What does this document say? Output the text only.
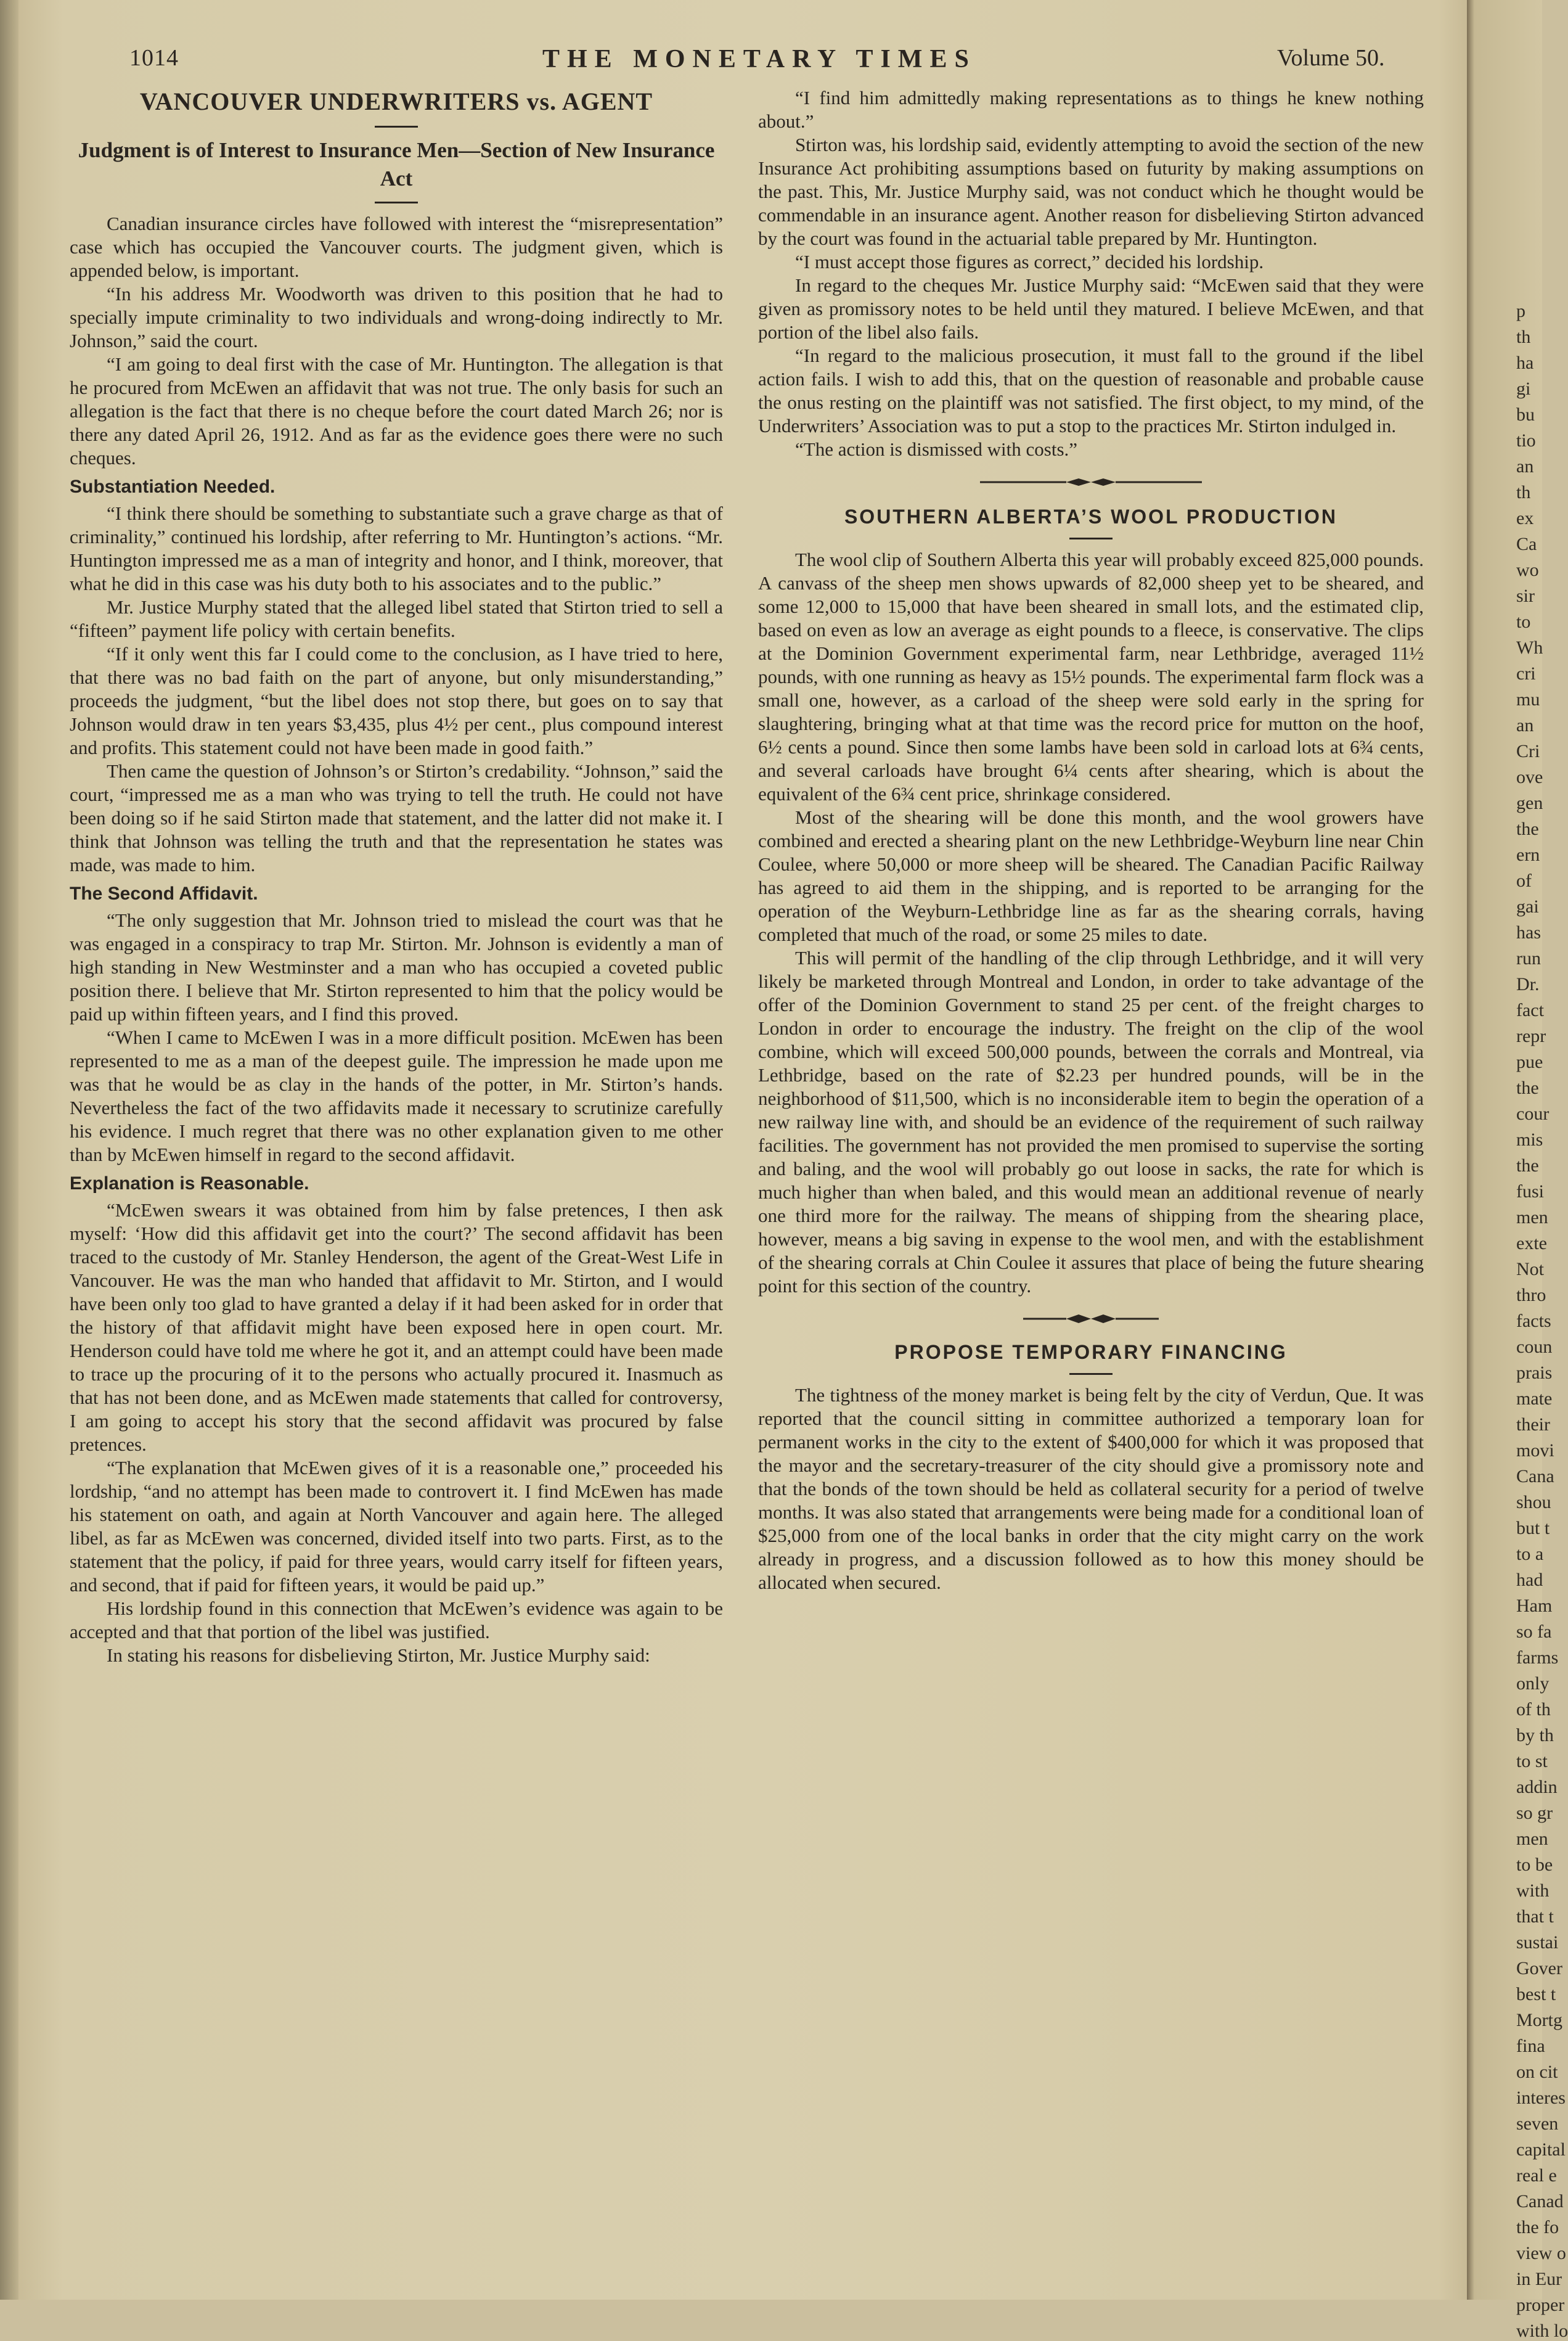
1014	THE MONETARY TIMES	Volume 50.
VANCOUVER UNDERWRITERS vs. AGENT
Judgment is of Interest to Insurance Men—Section of New Insurance Act

Canadian insurance circles have followed with interest the “misrepresentation” case which has occupied the Vancouver courts. The judgment given, which is appended below, is important.

“In his address Mr. Woodworth was driven to this position that he had to specially impute criminality to two individuals and wrong-doing indirectly to Mr. Johnson,” said the court.

“I am going to deal first with the case of Mr. Huntington. The allegation is that he procured from McEwen an affidavit that was not true. The only basis for such an allegation is the fact that there is no cheque before the court dated March 26; nor is there any dated April 26, 1912. And as far as the evidence goes there were no such cheques.

Substantiation Needed.

“I think there should be something to substantiate such a grave charge as that of criminality,” continued his lordship, after referring to Mr. Huntington’s actions. “Mr. Huntington impressed me as a man of integrity and honor, and I think, moreover, that what he did in this case was his duty both to his associates and to the public.”

Mr. Justice Murphy stated that the alleged libel stated that Stirton tried to sell a “fifteen” payment life policy with certain benefits.

“If it only went this far I could come to the conclusion, as I have tried to here, that there was no bad faith on the part of anyone, but only misunderstanding,” proceeds the judgment, “but the libel does not stop there, but goes on to say that Johnson would draw in ten years $3,435, plus 4½ per cent., plus compound interest and profits. This statement could not have been made in good faith.”

Then came the question of Johnson’s or Stirton’s credability. “Johnson,” said the court, “impressed me as a man who was trying to tell the truth. He could not have been doing so if he said Stirton made that statement, and the latter did not make it. I think that Johnson was telling the truth and that the representation he states was made, was made to him.

The Second Affidavit.

“The only suggestion that Mr. Johnson tried to mislead the court was that he was engaged in a conspiracy to trap Mr. Stirton. Mr. Johnson is evidently a man of high standing in New Westminster and a man who has occupied a coveted public position there. I believe that Mr. Stirton represented to him that the policy would be paid up within fifteen years, and I find this proved.

“When I came to McEwen I was in a more difficult position. McEwen has been represented to me as a man of the deepest guile. The impression he made upon me was that he would be as clay in the hands of the potter, in Mr. Stirton’s hands. Nevertheless the fact of the two affidavits made it necessary to scrutinize carefully his evidence. I much regret that there was no other explanation given to me other than by McEwen himself in regard to the second affidavit.

Explanation is Reasonable.

“McEwen swears it was obtained from him by false pretences, I then ask myself: ‘How did this affidavit get into the court?’ The second affidavit has been traced to the custody of Mr. Stanley Henderson, the agent of the Great-West Life in Vancouver. He was the man who handed that affidavit to Mr. Stirton, and I would have been only too glad to have granted a delay if it had been asked for in order that the history of that affidavit might have been exposed here in open court. Mr. Henderson could have told me where he got it, and an attempt could have been made to trace up the procuring of it to the persons who actually procured it. Inasmuch as that has not been done, and as McEwen made statements that called for controversy, I am going to accept his story that the second affidavit was procured by false pretences.

“The explanation that McEwen gives of it is a reasonable one,” proceeded his lordship, “and no attempt has been made to controvert it. I find McEwen has made his statement on oath, and again at North Vancouver and again here. The alleged libel, as far as McEwen was concerned, divided itself into two parts. First, as to the statement that the policy, if paid for three years, would carry itself for fifteen years, and second, that if paid for fifteen years, it would be paid up.”

His lordship found in this connection that McEwen’s evidence was again to be accepted and that that portion of the libel was justified.

In stating his reasons for disbelieving Stirton, Mr. Justice Murphy said:

“I find him admittedly making representations as to things he knew nothing about.”

Stirton was, his lordship said, evidently attempting to avoid the section of the new Insurance Act prohibiting assumptions based on futurity by making assumptions on the past. This, Mr. Justice Murphy said, was not conduct which he thought would be commendable in an insurance agent. Another reason for disbelieving Stirton advanced by the court was found in the actuarial table prepared by Mr. Huntington.

“I must accept those figures as correct,” decided his lordship.

In regard to the cheques Mr. Justice Murphy said: “McEwen said that they were given as promissory notes to be held until they matured. I believe McEwen, and that portion of the libel also fails.

“In regard to the malicious prosecution, it must fall to the ground if the libel action fails. I wish to add this, that on the question of reasonable and probable cause the onus resting on the plaintiff was not satisfied. The first object, to my mind, of the Underwriters’ Association was to put a stop to the practices Mr. Stirton indulged in.

“The action is dismissed with costs.”

SOUTHERN ALBERTA’S WOOL PRODUCTION

The wool clip of Southern Alberta this year will probably exceed 825,000 pounds. A canvass of the sheep men shows upwards of 82,000 sheep yet to be sheared, and some 12,000 to 15,000 that have been sheared in small lots, and the estimated clip, based on even as low an average as eight pounds to a fleece, is conservative. The clips at the Dominion Government experimental farm, near Lethbridge, averaged 11½ pounds, with one running as heavy as 15½ pounds. The experimental farm flock was a small one, however, as a carload of the sheep were sold early in the spring for slaughtering, bringing what at that time was the record price for mutton on the hoof, 6½ cents a pound. Since then some lambs have been sold in carload lots at 6¾ cents, and several carloads have brought 6¼ cents after shearing, which is about the equivalent of the 6¾ cent price, shrinkage considered.

Most of the shearing will be done this month, and the wool growers have combined and erected a shearing plant on the new Lethbridge-Weyburn line near Chin Coulee, where 50,000 or more sheep will be sheared. The Canadian Pacific Railway has agreed to aid them in the shipping, and is reported to be arranging for the operation of the Weyburn-Lethbridge line as far as the shearing corrals, having completed that much of the road, or some 25 miles to date.

This will permit of the handling of the clip through Lethbridge, and it will very likely be marketed through Montreal and London, in order to take advantage of the offer of the Dominion Government to stand 25 per cent. of the freight charges to London in order to encourage the industry. The freight on the clip of the wool combine, which will exceed 500,000 pounds, between the corrals and Montreal, via Lethbridge, based on the rate of $2.23 per hundred pounds, will be in the neighborhood of $11,500, which is no inconsiderable item to begin the operation of a new railway line with, and should be an evidence of the requirement of such railway facilities. The government has not provided the men promised to supervise the sorting and baling, and the wool will probably go out loose in sacks, the rate for which is much higher than when baled, and this would mean an additional revenue of nearly one third more for the railway. The means of shipping from the shearing place, however, means a big saving in expense to the wool men, and with the establishment of the shearing corrals at Chin Coulee it assures that place of being the future shearing point for this section of the country.

PROPOSE TEMPORARY FINANCING

The tightness of the money market is being felt by the city of Verdun, Que. It was reported that the council sitting in committee authorized a temporary loan for permanent works in the city to the extent of $400,000 for which it was proposed that the mayor and the secretary-treasurer of the city should give a promissory note and that the bonds of the town should be held as collateral security for a period of twelve months. It was also stated that arrangements were being made for a conditional loan of $25,000 from one of the local banks in order that the city might carry on the work already in progress, and a discussion followed as to how this money should be allocated when secured.

p
th
ha
gi
bu
tio
an
th
ex
Ca
wo
sir
to
Wh
cri
mu
an
Cri
ove
gen
the
ern
of
gai
has
run
Dr.
fact
repr
pue
the
cour
mis
the
fusi
men
exte
Not
thro
facts
coun
prais
mate
their
movi
Cana
shou
but t
to a
had
Ham
so fa
farms
only
of th
by th
to st
addin
so gr
men
to be
with
that t
sustai
Gover
best t
Mortg
fina
on cit
interes
seven
capital
real e
Canad
the fo
view o
in Eur
proper
with lo
